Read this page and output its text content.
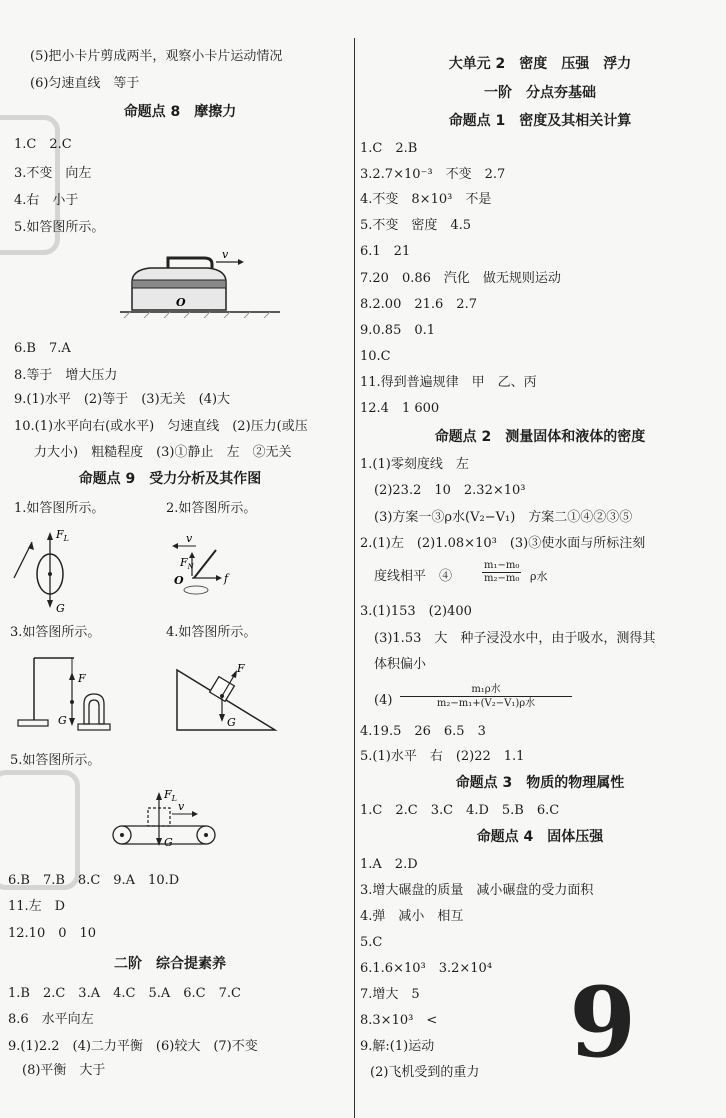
(5)把小卡片剪成两半，观察小卡片运动情况
(6)匀速直线　等于
命题点 8　摩擦力
1.C　2.C
3.不变　向左
4.右　小于
5.如答图所示。
v
O
6.B　7.A
8.等于　增大压力
9.(1)水平　(2)等于　(3)无关　(4)大
10.(1)水平向右(或水平)　匀速直线　(2)压力(或压
力大小)　粗糙程度　(3)①静止　左　②无关
命题点 9　受力分析及其作图
1.如答图所示。	2.如答图所示。
$F_L$
G
v
$F_N$
f
O
3.如答图所示。	4.如答图所示。
F
G
F
G
5.如答图所示。
$F_L$
G
v
6.B　7.B　8.C　9.A　10.D
11.左　D
12.10　0　10
二阶　综合提素养
1.B　2.C　3.A　4.C　5.A　6.C　7.C
8.6　水平向左
9.(1)2.2　(4)二力平衡　(6)较大　(7)不变
(8)平衡　大于
大单元 2　密度　压强　浮力
一阶　分点夯基础
命题点 1　密度及其相关计算
1.C　2.B
3.2.7×10⁻³　不变　2.7
4.不变　8×10³　不是
5.不变　密度　4.5
6.1　21
7.20　0.86　汽化　做无规则运动
8.2.00　21.6　2.7
9.0.85　0.1
10.C
11.得到普遍规律　甲　乙、丙
12.4　1 600
命题点 2　测量固体和液体的密度
1.(1)零刻度线　左
(2)23.2　10　2.32×10³
(3)方案一③ρ水(V₂−V₁)　方案二①④②③⑤
2.(1)左　(2)1.08×10³　(3)③使水面与所标注刻
度线相平　④	$\frac{\text{m₁−m₀}}{\text{m₂−m₀}}$ ρ水
3.(1)153　(2)400
(3)1.53　大　种子浸没水中，由于吸水，测得其
体积偏小
(4)
m₁ρ水
m₂−m₁+(V₂−V₁)ρ水
4.19.5　26　6.5　3
5.(1)水平　右　(2)22　1.1
命题点 3　物质的物理属性
1.C　2.C　3.C　4.D　5.B　6.C
命题点 4　固体压强
1.A　2.D
3.增大碾盘的质量　减小碾盘的受力面积
4.弹　减小　相互
5.C
6.1.6×10³　3.2×10⁴
7.增大　5
8.3×10³　<
9.解:(1)运动
(2)飞机受到的重力 9
